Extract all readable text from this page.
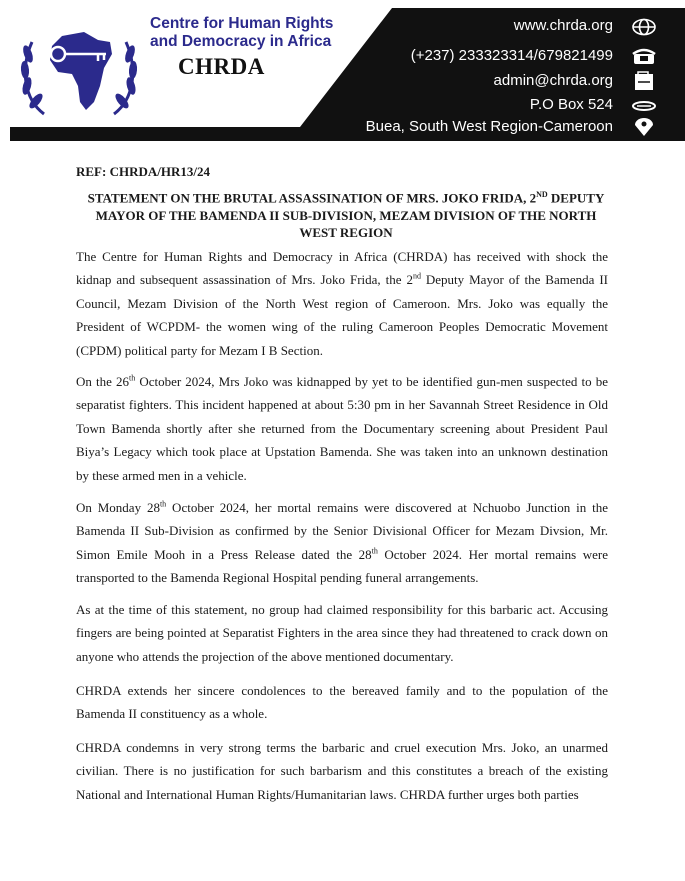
Centre for Human Rights
and Democracy in Africa
CHRDA
www.chrda.org
(+237) 233323314/679821499
admin@chrda.org
P.O Box 524
Buea, South West Region-Cameroon
REF: CHRDA/HR13/24
STATEMENT ON THE BRUTAL ASSASSINATION OF MRS. JOKO FRIDA, 2ND DEPUTY MAYOR OF THE BAMENDA II SUB-DIVISION, MEZAM DIVISION OF THE NORTH WEST REGION
The Centre for Human Rights and Democracy in Africa (CHRDA) has received with shock the kidnap and subsequent assassination of Mrs. Joko Frida, the 2nd Deputy Mayor of the Bamenda II Council, Mezam Division of the North West region of Cameroon. Mrs. Joko was equally the President of WCPDM- the women wing of the ruling Cameroon Peoples Democratic Movement (CPDM) political party for Mezam I B Section.
On the 26th October 2024, Mrs Joko was kidnapped by yet to be identified gun-men suspected to be separatist fighters. This incident happened at about 5:30 pm in her Savannah Street Residence in Old Town Bamenda shortly after she returned from the Documentary screening about President Paul Biya’s Legacy which took place at Upstation Bamenda. She was taken into an unknown destination by these armed men in a vehicle.
On Monday 28th October 2024, her mortal remains were discovered at Nchuobo Junction in the Bamenda II Sub-Division as confirmed by the Senior Divisional Officer for Mezam Divsion, Mr. Simon Emile Mooh in a Press Release dated the 28th October 2024. Her mortal remains were transported to the Bamenda Regional Hospital pending funeral arrangements.
As at the time of this statement, no group had claimed responsibility for this barbaric act. Accusing fingers are being pointed at Separatist Fighters in the area since they had threatened to crack down on anyone who attends the projection of the above mentioned documentary.
CHRDA extends her sincere condolences to the bereaved family and to the population of the Bamenda II constituency as a whole.
CHRDA condemns in very strong terms the barbaric and cruel execution Mrs. Joko, an unarmed civilian. There is no justification for such barbarism and this constitutes a breach of the existing National and International Human Rights/Humanitarian laws. CHRDA further urges both parties
